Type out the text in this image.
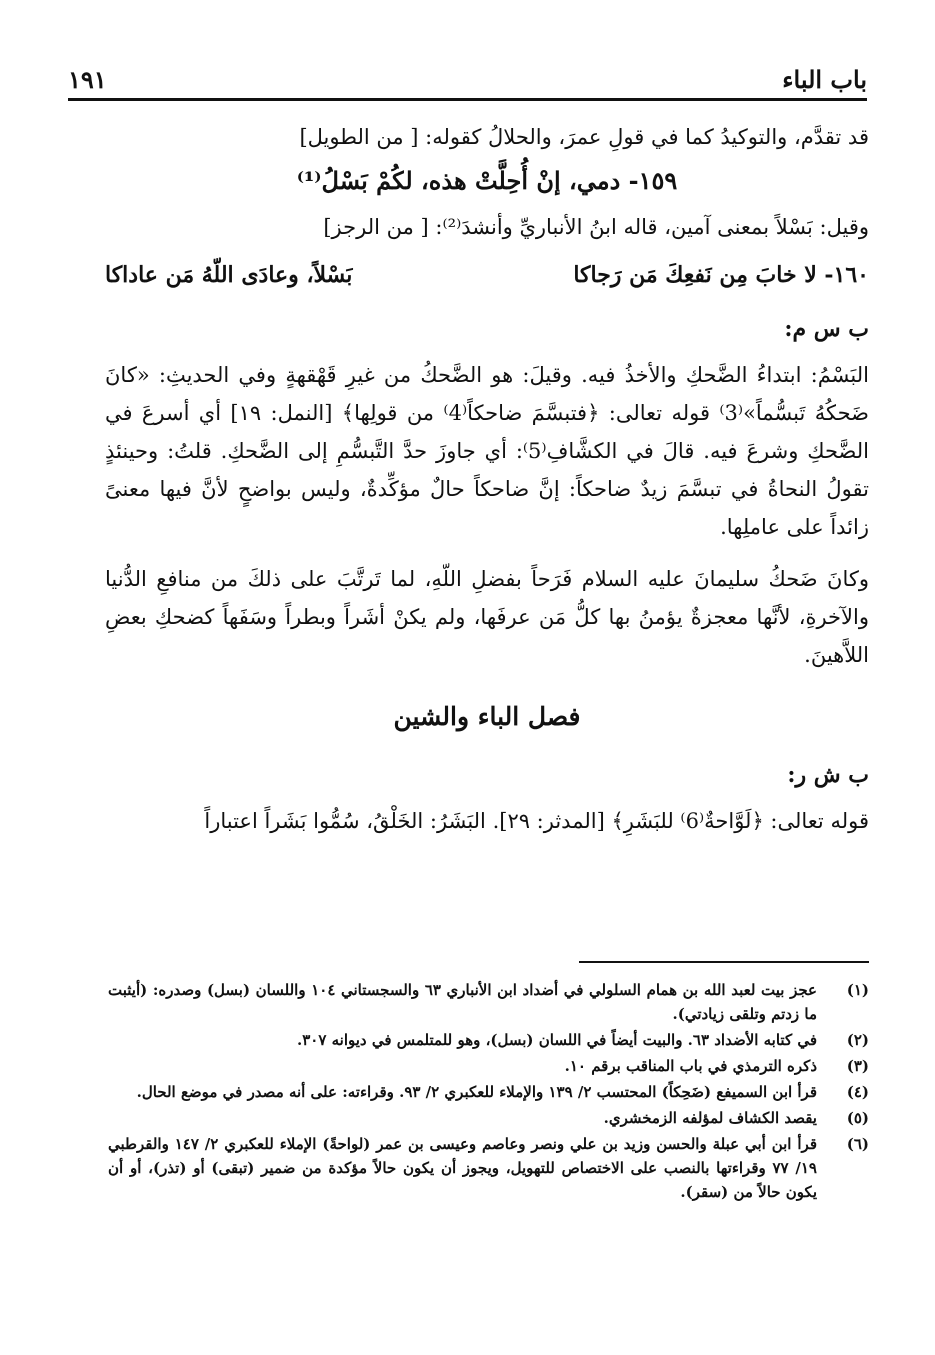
باب الباء
١٩١

قد تقدَّم، والتوكيدُ كما في قولِ عمرَ، والحلالُ كقوله: [ من الطويل]

١٥٩- دمي، إنْ أُحِلَّتْ هذه، لكُمْ بَسْلُ⁽¹⁾

وقيل: بَسْلاً بمعنى آمين، قاله ابنُ الأنباريِّ وأنشدَ⁽²⁾: [ من الرجز]

١٦٠- لا خابَ مِن نَفعِكَ مَن رَجاكا
بَسْلاً، وعادَى اللّهُ مَن عاداكا

ب س م:

البَسْمُ: ابتداءُ الضَّحكِ والأخذُ فيه. وقيلَ: هو الضَّحكُ من غيرِ قَهْقهةٍ وفي الحديثِ: «كانَ ضَحكُهُ تَبسُّماً»⁽3⁾ قوله تعالى: ﴿فتبسَّمَ ضاحكاً⁽4⁾ من قولِها﴾ [النمل: ١٩] أي أسرعَ في الضَّحكِ وشرعَ فيه. قالَ في الكشَّافِ⁽5⁾: أي جاوزَ حدَّ التَّبسُّمِ إلى الضَّحكِ. قلتُ: وحينئذٍ تقولُ النحاةُ في تبسَّمَ زيدٌ ضاحكاً: إنَّ ضاحكاً حالٌ مؤكِّدةٌ، وليس بواضحٍ لأنَّ فيها معنىً زائداً على عاملِها.

وكانَ ضَحكُ سليمانَ عليه السلام فَرَحاً بفضلِ اللّهِ، لما تَرتَّبَ على ذلكَ من منافعِ الدُّنيا والآخرةِ، لأنَّها معجزةٌ يؤمنُ بها كلُّ مَن عرفَها، ولم يكنْ أشَراً وبطراً وسَفَهاً كضحكِ بعضِ اللاَّهينَ.

فصل الباء والشين

ب ش ر:

قوله تعالى: ﴿لَوَّاحةٌ⁽6⁾ للبَشَرِ﴾ [المدثر: ٢٩]. البَشَرُ: الخَلْقُ، سُمُّوا بَشَراً اعتباراً

(١)
عجز بيت لعبد الله بن همام السلولي في أضداد ابن الأنباري ٦٣ والسجستاني ١٠٤ واللسان (بسل) وصدره: (أيثبت ما زدتم وتلقى زيادتي).
(٢)
في كتابه الأضداد ٦٣. والبيت أيضاً في اللسان (بسل)، وهو للمتلمس في ديوانه ٣٠٧.
(٣)
ذكره الترمذي في باب المناقب برقم ١٠.
(٤)
قرأ ابن السميفع (ضَحِكاً) المحتسب ٢/ ١٣٩ والإملاء للعكبري ٢/ ٩٣. وقراءته: على أنه مصدر في موضع الحال.
(٥)
يقصد الكشاف لمؤلفه الزمخشري.
(٦)
قرأ ابن أبي عبلة والحسن وزيد بن علي ونصر وعاصم وعيسى بن عمر (لواحةً) الإملاء للعكبري ٢/ ١٤٧ والقرطبي ١٩/ ٧٧ وقراءتها بالنصب على الاختصاص للتهويل، ويجوز أن يكون حالاً مؤكدة من ضمير (تبقى) أو (تذر)، أو أن يكون حالاً من (سقر).
